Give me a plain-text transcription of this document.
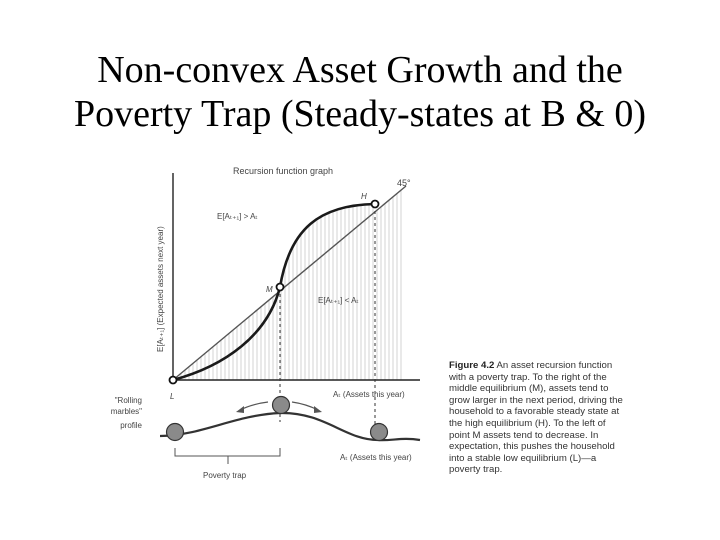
Non-convex Asset Growth and the
Poverty Trap (Steady-states at B & 0)
Recursion function graph
45°
H
M
L
E[Aₜ₊₁] > Aₜ
E[Aₜ₊₁] < Aₜ
Aₜ (Assets this year)
E[Aₜ₊₁] (Expected assets next year)
"Rolling
marbles"
profile
Aₜ (Assets this year)
Poverty trap
Figure 4.2 An asset recursion function with a poverty trap. To the right of the middle equilibrium (M), assets tend to grow larger in the next period, driving the household to a favorable steady state at the high equilibrium (H). To the left of point M assets tend to decrease. In expectation, this pushes the household into a stable low equilibrium (L)—a poverty trap.
